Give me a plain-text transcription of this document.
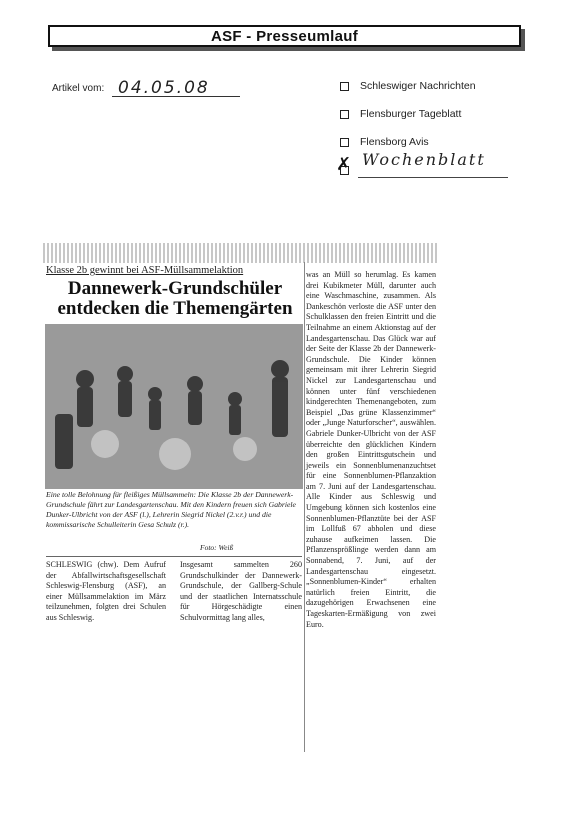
ASF - Presseumlauf
Artikel vom: 04.05.08	Schleswiger Nachrichten
Flensburger Tageblatt
Flensborg Avis
✗ Wochenblatt
Klasse 2b gewinnt bei ASF-Müllsammelaktion
Dannewerk-Grundschüler entdecken die Themengärten
Eine tolle Belohnung für fleißiges Müllsammeln: Die Klasse 2b der Dannewerk-Grundschule fährt zur Landesgartenschau. Mit den Kindern freuen sich Gabriele Dunker-Ulbricht von der ASF (l.), Lehrerin Siegrid Nickel (2.v.r.) und die kommissarische Schulleiterin Gesa Schulz (r.).
Foto: Weiß
SCHLESWIG (chw). Dem Aufruf der Abfallwirtschaftsgesellschaft Schleswig-Flensburg (ASF), an einer Müllsammelaktion im März teilzunehmen, folgten drei Schulen aus Schleswig.
Insgesamt sammelten 260 Grundschulkinder der Dannewerk-Grundschule, der Gallberg-Schule und der staatlichen Internatsschule für Hörgeschädigte einen Schulvormittag lang alles,
was an Müll so herumlag. Es kamen drei Kubikmeter Müll, darunter auch eine Waschmaschine, zusammen. Als Dankeschön verloste die ASF unter den Schulklassen den freien Eintritt und die Teilnahme an einem Aktionstag auf der Landesgartenschau. Das Glück war auf der Seite der Klasse 2b der Dannewerk-Grundschule. Die Kinder können gemeinsam mit ihrer Lehrerin Siegrid Nickel zur Landesgartenschau und können unter fünf verschiedenen kindgerechten Themenangeboten, zum Beispiel „Das grüne Klassenzimmer“ oder „Junge Naturforscher“, auswählen. Gabriele Dunker-Ulbricht von der ASF überreichte den glücklichen Kindern den großen Eintrittsgutschein und jeweils ein Sonnenblumenanzuchtset für eine Sonnenblumen-Pflanzaktion am 7. Juni auf der Landesgartenschau. Alle Kinder aus Schleswig und Umgebung können sich kostenlos eine Sonnenblumen-Pflanztüte bei der ASF im Lollfuß 67 abholen und diese zuhause aufkeimen lassen. Die Pflanzensprößlinge werden dann am Sonnabend, 7. Juni, auf der Landesgartenschau eingesetzt. „Sonnenblumen-Kinder“ erhalten natürlich freien Eintritt, die dazugehörigen Erwachsenen eine Tageskarten-Ermäßigung von zwei Euro.
